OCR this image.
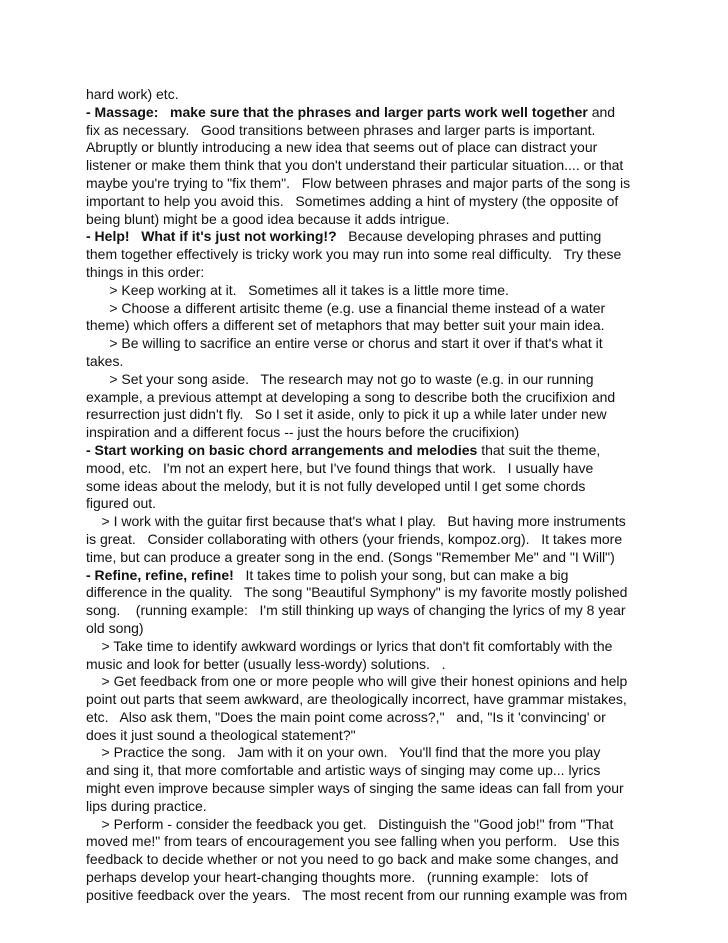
hard work) etc.
- Massage:   make sure that the phrases and larger parts work well together and
fix as necessary.   Good transitions between phrases and larger parts is important.
Abruptly or bluntly introducing a new idea that seems out of place can distract your
listener or make them think that you don't understand their particular situation.... or that
maybe you're trying to "fix them".   Flow between phrases and major parts of the song is
important to help you avoid this.   Sometimes adding a hint of mystery (the opposite of
being blunt) might be a good idea because it adds intrigue.
- Help!   What if it's just not working!?   Because developing phrases and putting
them together effectively is tricky work you may run into some real difficulty.   Try these
things in this order:
> Keep working at it.   Sometimes all it takes is a little more time.
> Choose a different artisitc theme (e.g. use a financial theme instead of a water
theme) which offers a different set of metaphors that may better suit your main idea.
> Be willing to sacrifice an entire verse or chorus and start it over if that's what it
takes.
> Set your song aside.   The research may not go to waste (e.g. in our running
example, a previous attempt at developing a song to describe both the crucifixion and
resurrection just didn't fly.   So I set it aside, only to pick it up a while later under new
inspiration and a different focus -- just the hours before the crucifixion)
- Start working on basic chord arrangements and melodies that suit the theme,
mood, etc.   I'm not an expert here, but I've found things that work.   I usually have
some ideas about the melody, but it is not fully developed until I get some chords
figured out.
> I work with the guitar first because that's what I play.   But having more instruments
is great.   Consider collaborating with others (your friends, kompoz.org).   It takes more
time, but can produce a greater song in the end. (Songs "Remember Me" and "I Will")
- Refine, refine, refine!   It takes time to polish your song, but can make a big
difference in the quality.   The song "Beautiful Symphony" is my favorite mostly polished
song.    (running example:   I'm still thinking up ways of changing the lyrics of my 8 year
old song)
> Take time to identify awkward wordings or lyrics that don't fit comfortably with the
music and look for better (usually less-wordy) solutions.   .
> Get feedback from one or more people who will give their honest opinions and help
point out parts that seem awkward, are theologically incorrect, have grammar mistakes,
etc.   Also ask them, "Does the main point come across?,"   and, "Is it 'convincing' or
does it just sound a theological statement?"
> Practice the song.   Jam with it on your own.   You'll find that the more you play
and sing it, that more comfortable and artistic ways of singing may come up... lyrics
might even improve because simpler ways of singing the same ideas can fall from your
lips during practice.
> Perform - consider the feedback you get.   Distinguish the "Good job!" from "That
moved me!" from tears of encouragement you see falling when you perform.   Use this
feedback to decide whether or not you need to go back and make some changes, and
perhaps develop your heart-changing thoughts more.   (running example:   lots of
positive feedback over the years.   The most recent from our running example was from
